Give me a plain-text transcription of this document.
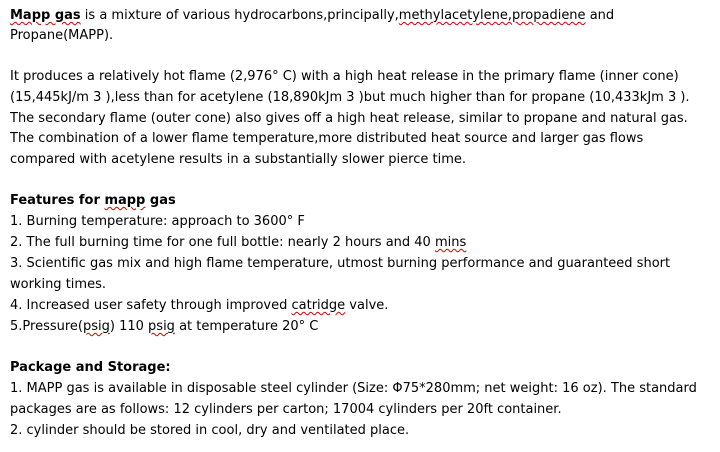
Mapp gas is a mixture of various hydrocarbons,principally,methylacetylene,propadiene and
Propane(MAPP).
It produces a relatively hot flame (2,976° C) with a high heat release in the primary flame (inner cone)
(15,445kJ/m 3 ),less than for acetylene (18,890kJm 3 )but much higher than for propane (10,433kJm 3 ).
The secondary flame (outer cone) also gives off a high heat release, similar to propane and natural gas.
The combination of a lower flame temperature,more distributed heat source and larger gas flows
compared with acetylene results in a substantially slower pierce time.
Features for mapp gas
1. Burning temperature: approach to 3600° F
2. The full burning time for one full bottle: nearly 2 hours and 40 mins
3. Scientific gas mix and high flame temperature, utmost burning performance and guaranteed short
working times.
4. Increased user safety through improved catridge valve.
5.Pressure(psig) 110 psig at temperature 20° C
Package and Storage:
1. MAPP gas is available in disposable steel cylinder (Size: Φ75*280mm; net weight: 16 oz). The standard
packages are as follows: 12 cylinders per carton; 17004 cylinders per 20ft container.
2. cylinder should be stored in cool, dry and ventilated place.
